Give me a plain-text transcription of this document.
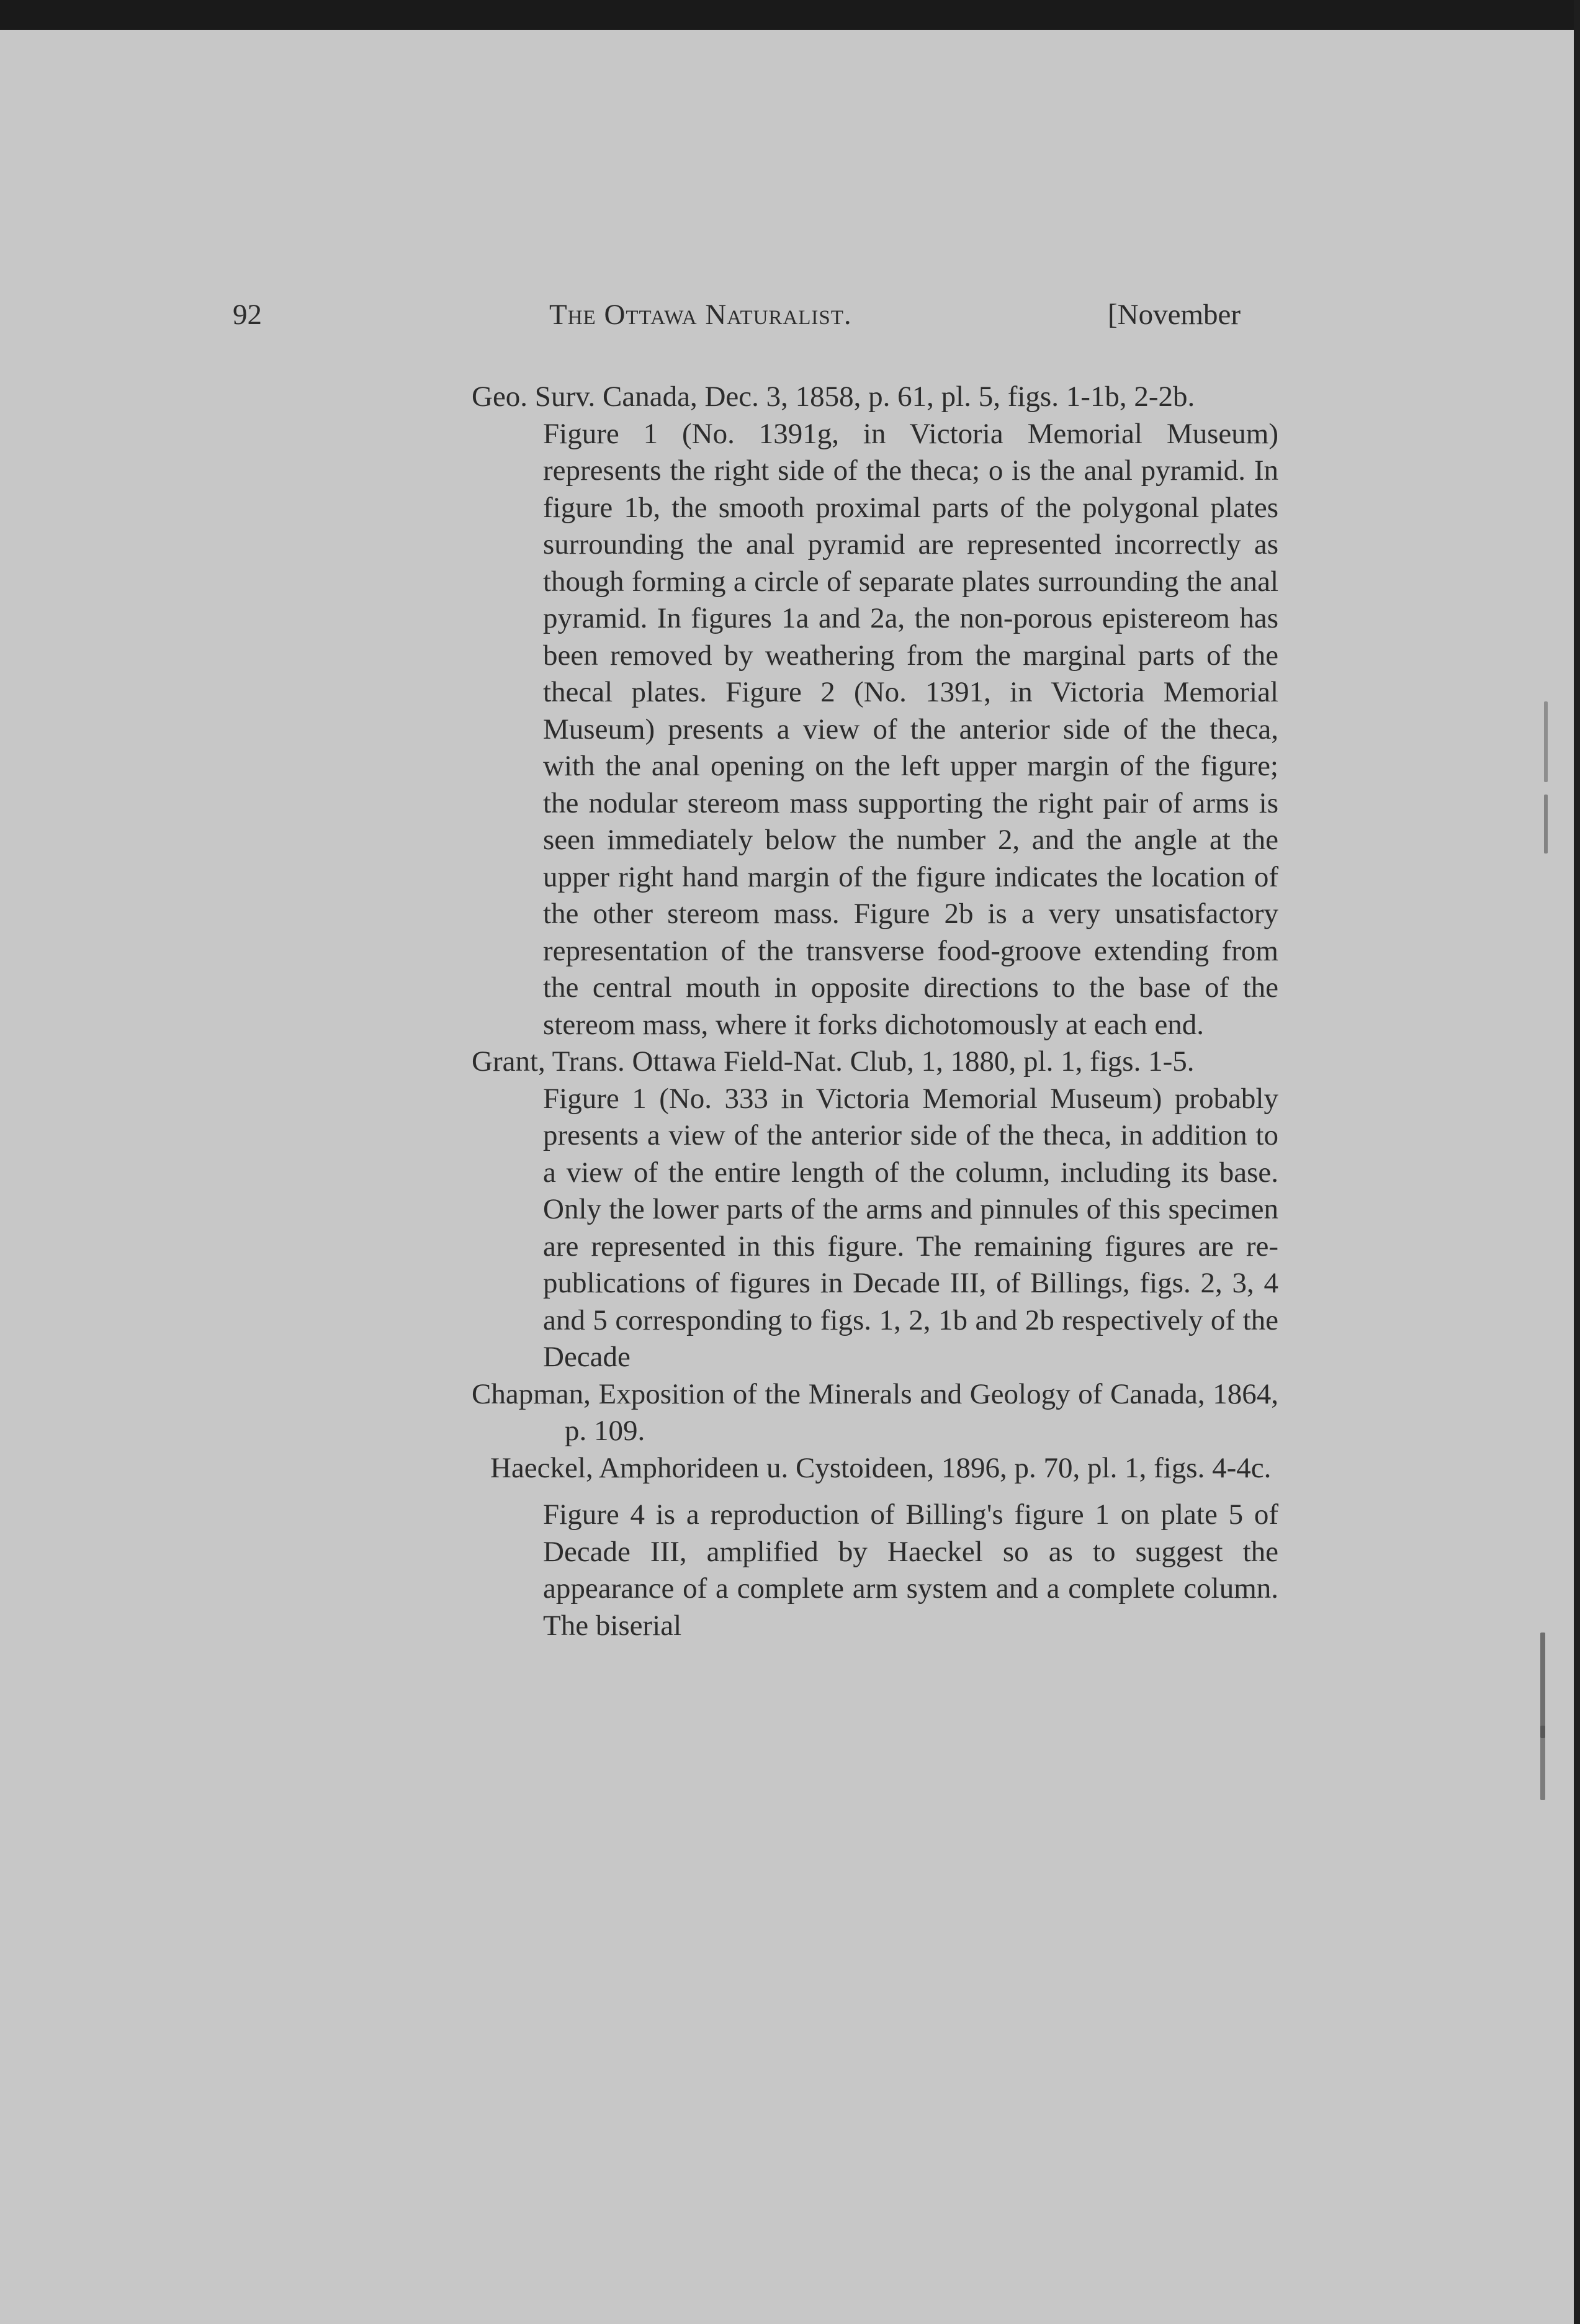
92	The Ottawa Naturalist.	[November

Geo. Surv. Canada, Dec. 3, 1858, p. 61, pl. 5, figs. 1-1b, 2-2b.

Figure 1 (No. 1391g, in Victoria Memorial Museum) represents the right side of the theca; o is the anal pyramid. In figure 1b, the smooth proximal parts of the polygonal plates surrounding the anal pyramid are represented incorrectly as though forming a circle of separate plates surrounding the anal pyramid. In figures 1a and 2a, the non-porous epistereom has been removed by weathering from the marginal parts of the thecal plates. Figure 2 (No. 1391, in Victoria Memorial Museum) presents a view of the anterior side of the theca, with the anal opening on the left upper margin of the figure; the nodular stereom mass supporting the right pair of arms is seen immediately below the number 2, and the angle at the upper right hand margin of the figure indicates the location of the other stereom mass. Figure 2b is a very unsatisfactory representation of the transverse food-groove extending from the central mouth in opposite directions to the base of the stereom mass, where it forks dichotomously at each end.

Grant, Trans. Ottawa Field-Nat. Club, 1, 1880, pl. 1, figs. 1-5.

Figure 1 (No. 333 in Victoria Memorial Museum) probably presents a view of the anterior side of the theca, in addition to a view of the entire length of the column, including its base. Only the lower parts of the arms and pinnules of this specimen are represented in this figure. The remaining figures are re-publications of figures in Decade III, of Billings, figs. 2, 3, 4 and 5 corresponding to figs. 1, 2, 1b and 2b respectively of the Decade

Chapman, Exposition of the Minerals and Geology of Canada, 1864, p. 109.

Haeckel, Amphorideen u. Cystoideen, 1896, p. 70, pl. 1, figs. 4-4c.

Figure 4 is a reproduction of Billing's figure 1 on plate 5 of Decade III, amplified by Haeckel so as to suggest the appearance of a complete arm system and a complete column. The biserial
